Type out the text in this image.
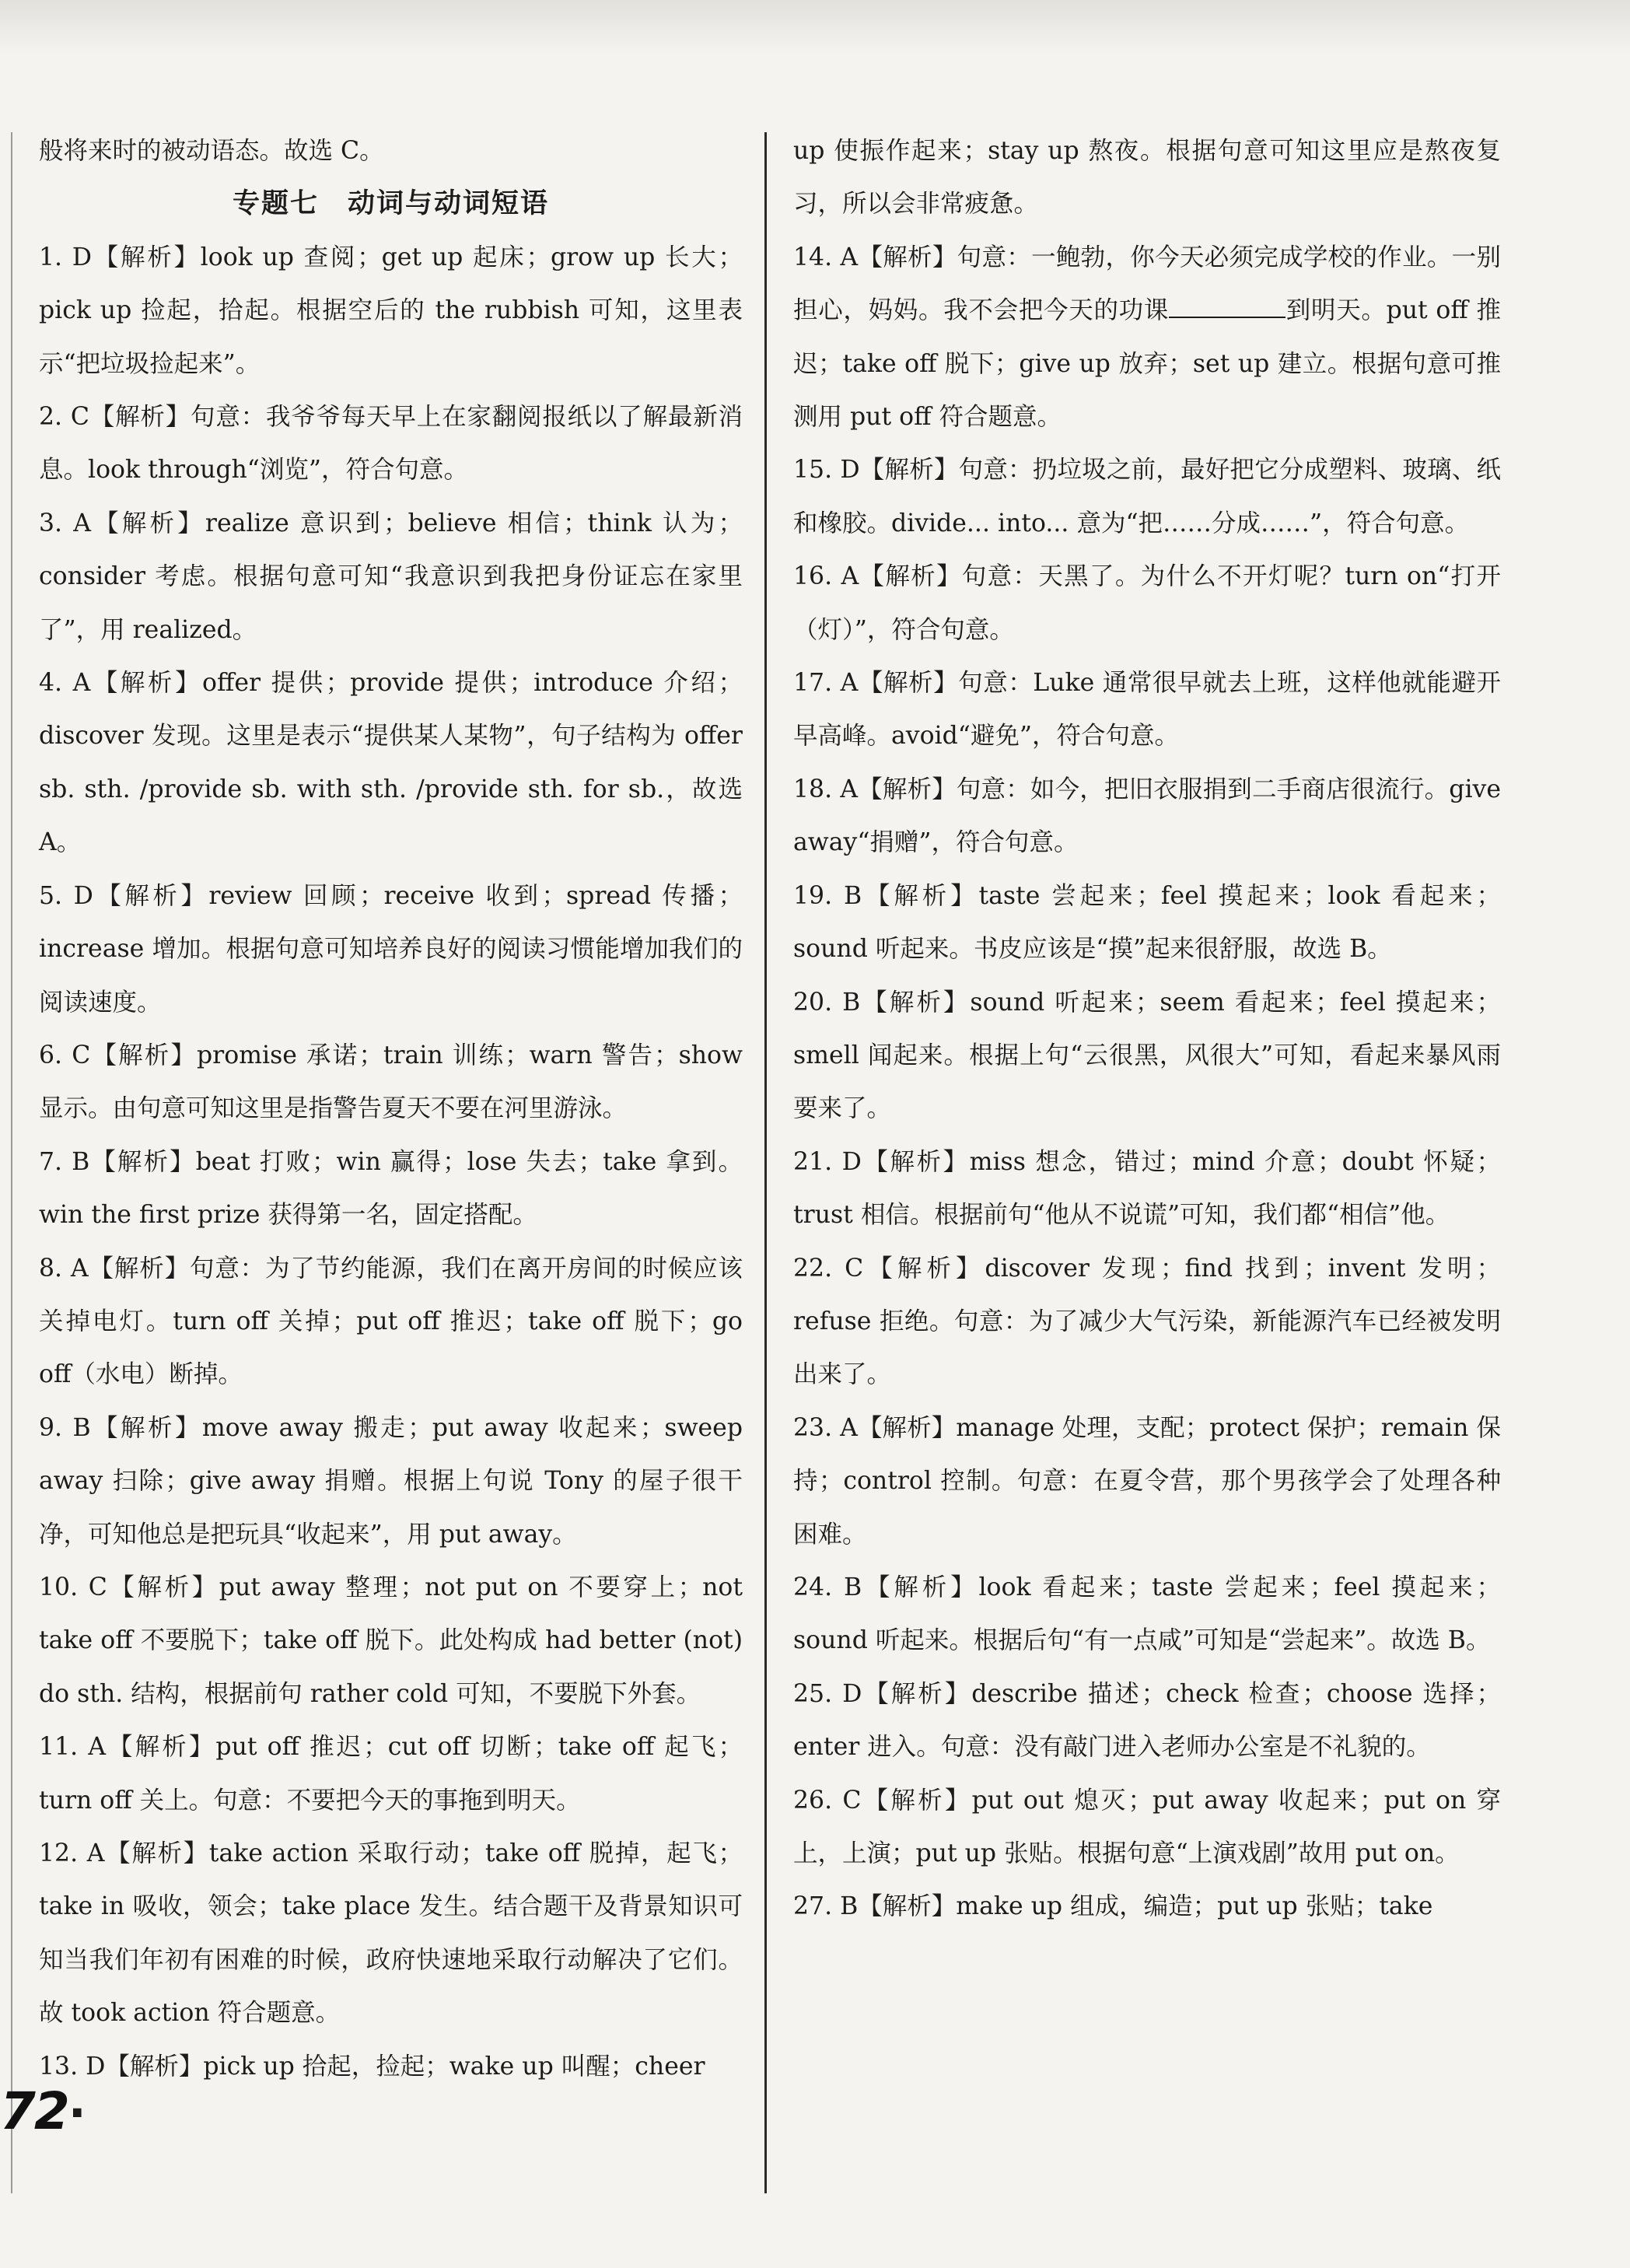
般将来时的被动语态。故选 C。

专题七　动词与动词短语

1. D【解析】look up 查阅；get up 起床；grow up 长大；pick up 捡起，拾起。根据空后的 the rubbish 可知，这里表示“把垃圾捡起来”。

2. C【解析】句意：我爷爷每天早上在家翻阅报纸以了解最新消息。look through“浏览”，符合句意。

3. A【解析】realize 意识到；believe 相信；think 认为；consider 考虑。根据句意可知“我意识到我把身份证忘在家里了”，用 realized。

4. A【解析】offer 提供；provide 提供；introduce 介绍；discover 发现。这里是表示“提供某人某物”，句子结构为 offer sb. sth. /provide sb. with sth. /provide sth. for sb.，故选 A。

5. D【解析】review 回顾；receive 收到；spread 传播；increase 增加。根据句意可知培养良好的阅读习惯能增加我们的阅读速度。

6. C【解析】promise 承诺；train 训练；warn 警告；show 显示。由句意可知这里是指警告夏天不要在河里游泳。

7. B【解析】beat 打败；win 赢得；lose 失去；take 拿到。win the first prize 获得第一名，固定搭配。

8. A【解析】句意：为了节约能源，我们在离开房间的时候应该关掉电灯。turn off 关掉；put off 推迟；take off 脱下；go off（水电）断掉。

9. B【解析】move away 搬走；put away 收起来；sweep away 扫除；give away 捐赠。根据上句说 Tony 的屋子很干净，可知他总是把玩具“收起来”，用 put away。

10. C【解析】put away 整理；not put on 不要穿上；not take off 不要脱下；take off 脱下。此处构成 had better (not) do sth. 结构，根据前句 rather cold 可知，不要脱下外套。

11. A【解析】put off 推迟；cut off 切断；take off 起飞；turn off 关上。句意：不要把今天的事拖到明天。

12. A【解析】take action 采取行动；take off 脱掉，起飞；take in 吸收，领会；take place 发生。结合题干及背景知识可知当我们年初有困难的时候，政府快速地采取行动解决了它们。故 took action 符合题意。

13. D【解析】pick up 拾起，捡起；wake up 叫醒；cheer

up 使振作起来；stay up 熬夜。根据句意可知这里应是熬夜复习，所以会非常疲惫。

14. A【解析】句意：一鲍勃，你今天必须完成学校的作业。一别担心，妈妈。我不会把今天的功课	到明天。put off 推迟；take off 脱下；give up 放弃；set up 建立。根据句意可推测用 put off 符合题意。

15. D【解析】句意：扔垃圾之前，最好把它分成塑料、玻璃、纸和橡胶。divide... into... 意为“把……分成……”，符合句意。

16. A【解析】句意：天黑了。为什么不开灯呢？turn on“打开（灯）”，符合句意。

17. A【解析】句意：Luke 通常很早就去上班，这样他就能避开早高峰。avoid“避免”，符合句意。

18. A【解析】句意：如今，把旧衣服捐到二手商店很流行。give away“捐赠”，符合句意。

19. B【解析】taste 尝起来；feel 摸起来；look 看起来；sound 听起来。书皮应该是“摸”起来很舒服，故选 B。

20. B【解析】sound 听起来；seem 看起来；feel 摸起来；smell 闻起来。根据上句“云很黑，风很大”可知，看起来暴风雨要来了。

21. D【解析】miss 想念，错过；mind 介意；doubt 怀疑；trust 相信。根据前句“他从不说谎”可知，我们都“相信”他。

22. C【解析】discover 发现；find 找到；invent 发明；refuse 拒绝。句意：为了减少大气污染，新能源汽车已经被发明出来了。

23. A【解析】manage 处理，支配；protect 保护；remain 保持；control 控制。句意：在夏令营，那个男孩学会了处理各种困难。

24. B【解析】look 看起来；taste 尝起来；feel 摸起来；sound 听起来。根据后句“有一点咸”可知是“尝起来”。故选 B。

25. D【解析】describe 描述；check 检查；choose 选择；enter 进入。句意：没有敲门进入老师办公室是不礼貌的。

26. C【解析】put out 熄灭；put away 收起来；put on 穿上，上演；put up 张贴。根据句意“上演戏剧”故用 put on。

27. B【解析】make up 组成，编造；put up 张贴；take

72·
